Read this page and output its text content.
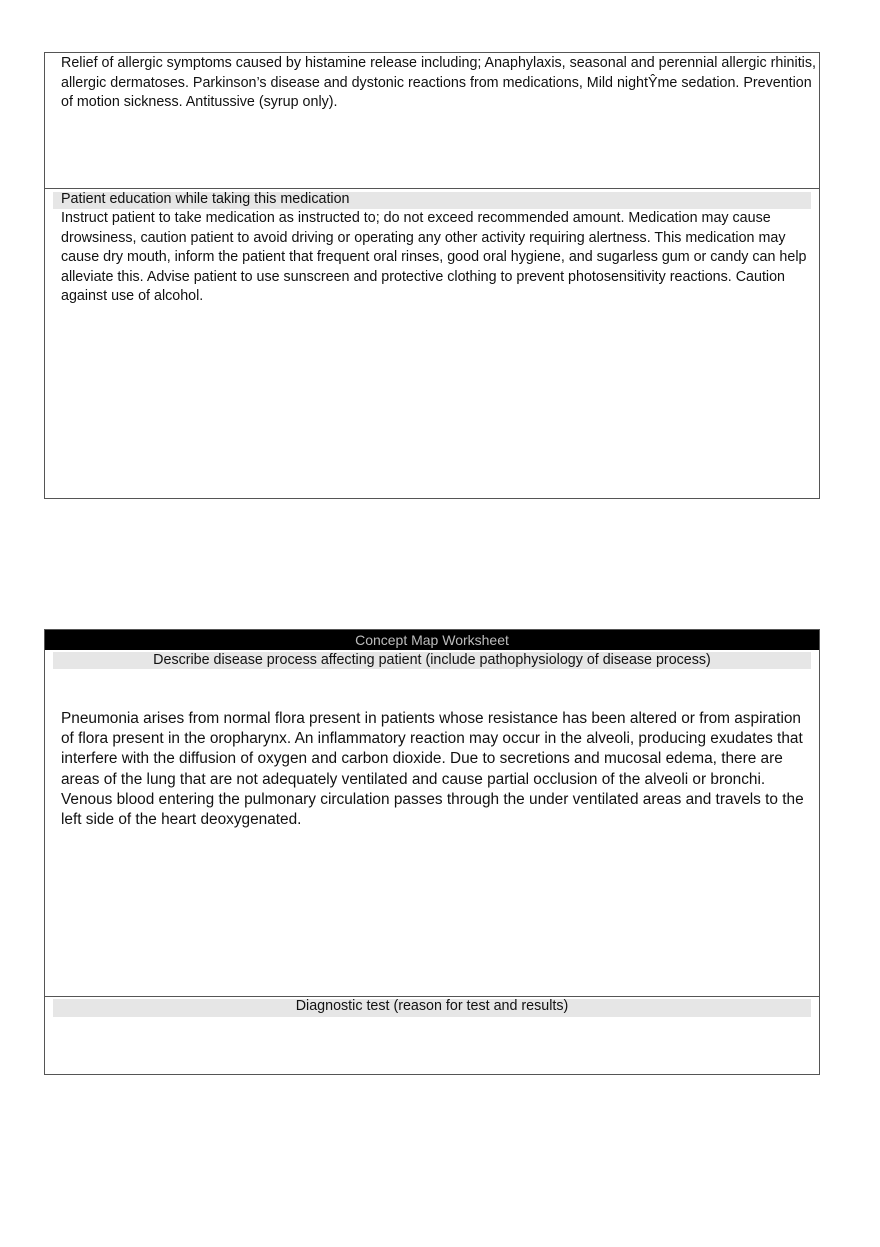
Relief of allergic symptoms caused by histamine release including; Anaphylaxis, seasonal and perennial allergic rhinitis, allergic dermatoses. Parkinson’s disease and dystonic reactions from medications, Mild nightŶme sedation. Prevention of motion sickness. Antitussive (syrup only).

Patient education while taking this medication

Instruct patient to take medication as instructed to; do not exceed recommended amount. Medication may cause drowsiness, caution patient to avoid driving or operating any other activity requiring alertness. This medication may cause dry mouth, inform the patient that frequent oral rinses, good oral hygiene, and sugarless gum or candy can help alleviate this. Advise patient to use sunscreen and protective clothing to prevent photosensitivity reactions. Caution against use of alcohol.

Concept Map Worksheet
Describe disease process affecting patient (include pathophysiology of disease process)

Pneumonia arises from normal flora present in patients whose resistance has been altered or from aspiration of flora present in the oropharynx. An inflammatory reaction may occur in the alveoli, producing exudates that interfere with the diffusion of oxygen and carbon dioxide. Due to secretions and mucosal edema, there are areas of the lung that are not adequately ventilated and cause partial occlusion of the alveoli or bronchi. Venous blood entering the pulmonary circulation passes through the under ventilated areas and travels to the left side of the heart deoxygenated.

Diagnostic test (reason for test and results)
